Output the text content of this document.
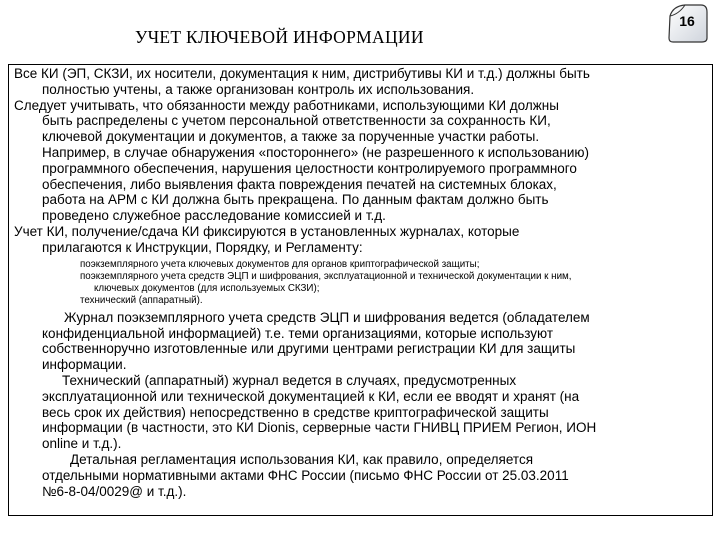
УЧЕТ КЛЮЧЕВОЙ ИНФОРМАЦИИ
16

Все КИ (ЭП, СКЗИ, их носители, документация к ним, дистрибутивы КИ и т.д.) должны быть
полностью учтены, а также организован контроль их использования.

Следует учитывать, что обязанности между работниками, использующими КИ должны
быть распределены с учетом персональной ответственности за сохранность КИ,
ключевой документации и документов, а также за порученные участки работы.
Например, в случае обнаружения «постороннего» (не разрешенного к использованию)
программного обеспечения, нарушения целостности контролируемого программного
обеспечения, либо выявления факта повреждения печатей на системных блоках,
работа на АРМ с КИ должна быть прекращена. По данным фактам должно быть
проведено служебное расследование комиссией и т.д.

Учет КИ, получение/сдача КИ фиксируются в установленных журналах, которые
прилагаются к Инструкции, Порядку, и Регламенту:

поэкземплярного учета ключевых документов для органов криптографической защиты;
поэкземплярного учета средств ЭЦП и шифрования, эксплуатационной и технической документации к ним,
ключевых документов (для используемых СКЗИ);
технический (аппаратный).

Журнал поэкземплярного учета средств ЭЦП и шифрования ведется (обладателем
конфиденциальной информацией) т.е. теми организациями, которые используют
собственноручно изготовленные или другими центрами регистрации КИ для защиты
информации.

Технический (аппаратный) журнал ведется в случаях, предусмотренных
эксплуатационной или технической документацией к КИ, если ее вводят и хранят (на
весь срок их действия) непосредственно в средстве криптографической защиты
информации (в частности, это КИ Dionis, серверные части ГНИВЦ ПРИЕМ Регион, ИОН
online и т.д.).

Детальная регламентация использования КИ, как правило, определяется
отдельными нормативными актами ФНС России (письмо ФНС России от 25.03.2011
№6-8-04/0029@ и т.д.).
